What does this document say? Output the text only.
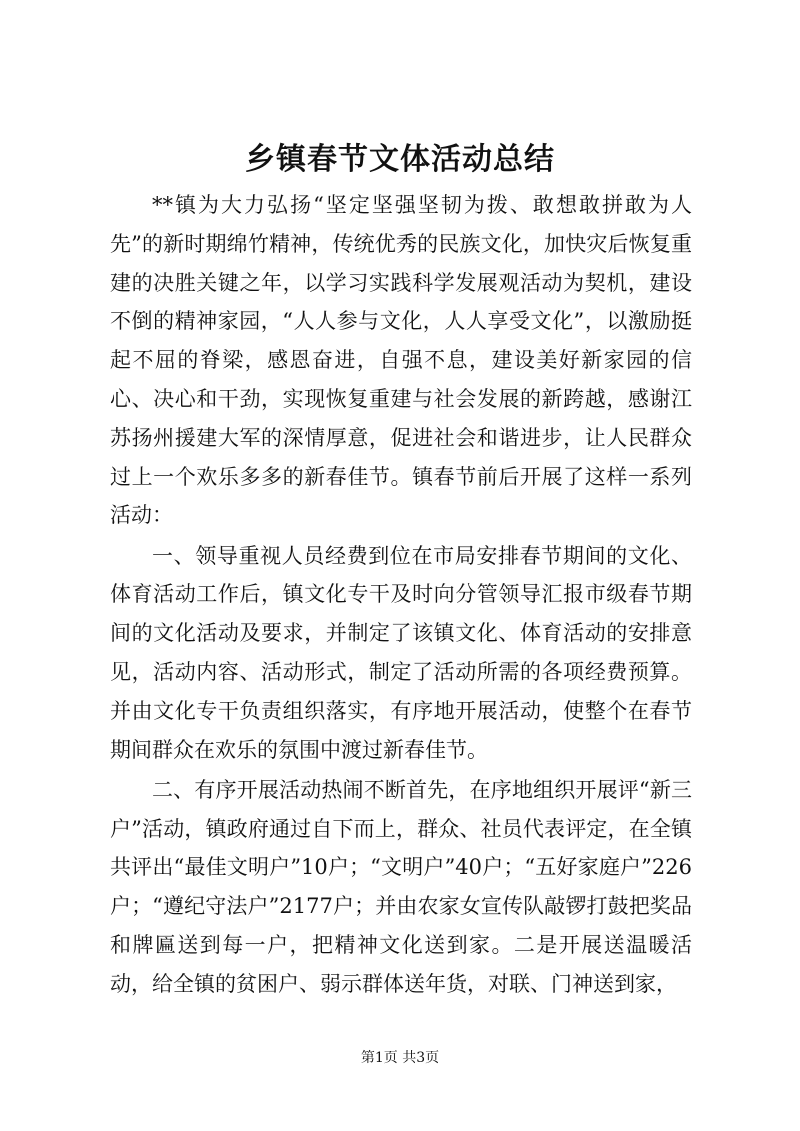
乡镇春节文体活动总结

**镇为大力弘扬“坚定坚强坚韧为拨、敢想敢拼敢为人先”的新时期绵竹精神，传统优秀的民族文化，加快灾后恢复重建的决胜关键之年，以学习实践科学发展观活动为契机，建设不倒的精神家园，“人人参与文化，人人享受文化”，以激励挺起不屈的脊梁，感恩奋进，自强不息，建设美好新家园的信心、决心和干劲，实现恢复重建与社会发展的新跨越，感谢江苏扬州援建大军的深情厚意，促进社会和谐进步，让人民群众过上一个欢乐多多的新春佳节。镇春节前后开展了这样一系列活动：

一、领导重视人员经费到位在市局安排春节期间的文化、体育活动工作后，镇文化专干及时向分管领导汇报市级春节期间的文化活动及要求，并制定了该镇文化、体育活动的安排意见，活动内容、活动形式，制定了活动所需的各项经费预算。并由文化专干负责组织落实，有序地开展活动，使整个在春节期间群众在欢乐的氛围中渡过新春佳节。

二、有序开展活动热闹不断首先，在序地组织开展评“新三户”活动，镇政府通过自下而上，群众、社员代表评定，在全镇共评出“最佳文明户”10户；“文明户”40户；“五好家庭户”226户；“遵纪守法户”2177户；并由农家女宣传队敲锣打鼓把奖品和牌匾送到每一户，把精神文化送到家。二是开展送温暖活动，给全镇的贫困户、弱示群体送年货，对联、门神送到家，

第1页 共3页
